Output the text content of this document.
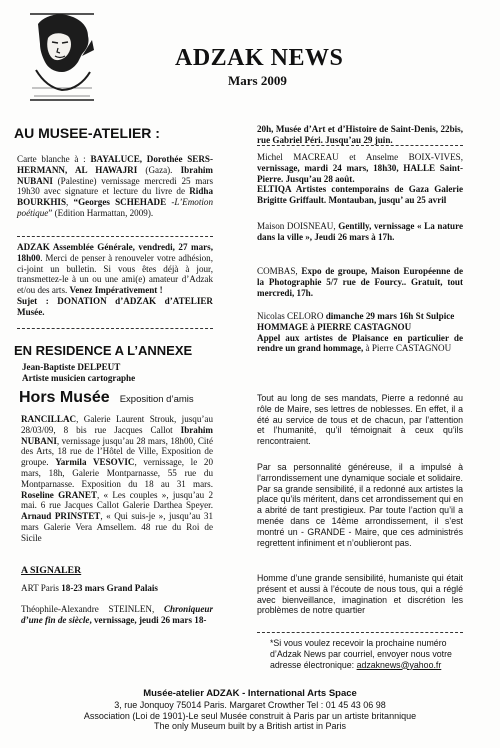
ADZAK NEWS
Mars 2009
AU MUSEE-ATELIER :
Carte blanche à : BAYALUCE, Dorothée SERS-HERMANN, AL HAWAJRI (Gaza). Ibrahim NUBANI (Palestine) vernissage mercredi 25 mars 19h30 avec signature et lecture du livre de Ridha BOURKHIS, “Georges SCHEHADE -L’Emotion poétique” (Edition Harmattan, 2009).
ADZAK Assemblée Générale, vendredi, 27 mars, 18h00. Merci de penser à renouveler votre adhésion, ci-joint un bulletin. Si vous êtes déjà à jour, transmettez-le à un ou une ami(e) amateur d’Adzak et/ou des arts. Venez Impérativement !
Sujet : DONATION d’ADZAK d’ATELIER Musée.
EN RESIDENCE A L’ANNEXE
Jean-Baptiste DELPEUT
Artiste musicien cartographe
Hors Musée Exposition d’amis
RANCILLAC, Galerie Laurent Strouk, jusqu’au 28/03/09, 8 bis rue Jacques Callot Ibrahim NUBANI, vernissage jusqu’au 28 mars, 18h00, Cité des Arts, 18 rue de l’Hôtel de Ville, Exposition de groupe. Yarmila VESOVIC, vernissage, le 20 mars, 18h, Galerie Montparnasse, 55 rue du Montparnasse. Exposition du 18 au 31 mars. Roseline GRANET, « Les couples », jusqu’au 2 mai. 6 rue Jacques Callot Galerie Darthea Speyer. Arnaud PRINSTET, « Qui suis-je », jusqu’au 31 mars Galerie Vera Amsellem. 48 rue du Roi de Sicile
A SIGNALER
ART Paris 18-23 mars Grand Palais
Théophile-Alexandre STEINLEN, Chroniqueur d’une fin de siècle, vernissage, jeudi 26 mars 18-
20h, Musée d’Art et d’Histoire de Saint-Denis, 22bis, rue Gabriel Péri. Jusqu’au 29 juin.
Michel MACREAU et Anselme BOIX-VIVES, vernissage, mardi 24 mars, 18h30, HALLE Saint-Pierre. Jusqu’au 28 août.
ELTIQA Artistes contemporains de Gaza Galerie Brigitte Griffault. Montauban, jusqu’ au 25 avril
Maison DOISNEAU, Gentilly, vernissage « La nature dans la ville », Jeudi 26 mars à 17h.
COMBAS, Expo de groupe, Maison Européenne de la Photographie 5/7 rue de Fourcy.. Gratuit, tout mercredi, 17h.
Nicolas CELORO dimanche 29 mars 16h St Sulpice
HOMMAGE à PIERRE CASTAGNOU
Appel aux artistes de Plaisance en particulier de rendre un grand hommage, à Pierre CASTAGNOU
Tout au long de ses mandats, Pierre a redonné au rôle de Maire, ses lettres de noblesses. En effet, il a été au service de tous et de chacun, par l’attention et l’humanité, qu’il témoignait à ceux qu’ils rencontraient.
Par sa personnalité généreuse, il a impulsé à l’arrondissement une dynamique sociale et solidaire. Par sa grande sensibilité, il a redonné aux artistes la place qu’ils méritent, dans cet arrondissement qui en a abrité de tant prestigieux. Par toute l’action qu’il a menée dans ce 14ème arrondissement, il s’est montré un - GRANDE - Maire, que ces administrés regrettent infiniment et n’oublieront pas.
Homme d’une grande sensibilité, humaniste qui était présent et aussi à l’écoute de nous tous, qui a réglé avec bienveillance, imagination et discrétion les problèmes de notre quartier
*Si vous voulez recevoir la prochaine numéro d’Adzak News par courriel, envoyer nous votre adresse électronique: adzaknews@yahoo.fr
Musée-atelier ADZAK - International Arts Space
3, rue Jonquoy 75014 Paris. Margaret Crowther Tel : 01 45 43 06 98
Association (Loi de 1901)-Le seul Musée construit à Paris par un artiste britannique
The only Museum built by a British artist in Paris
